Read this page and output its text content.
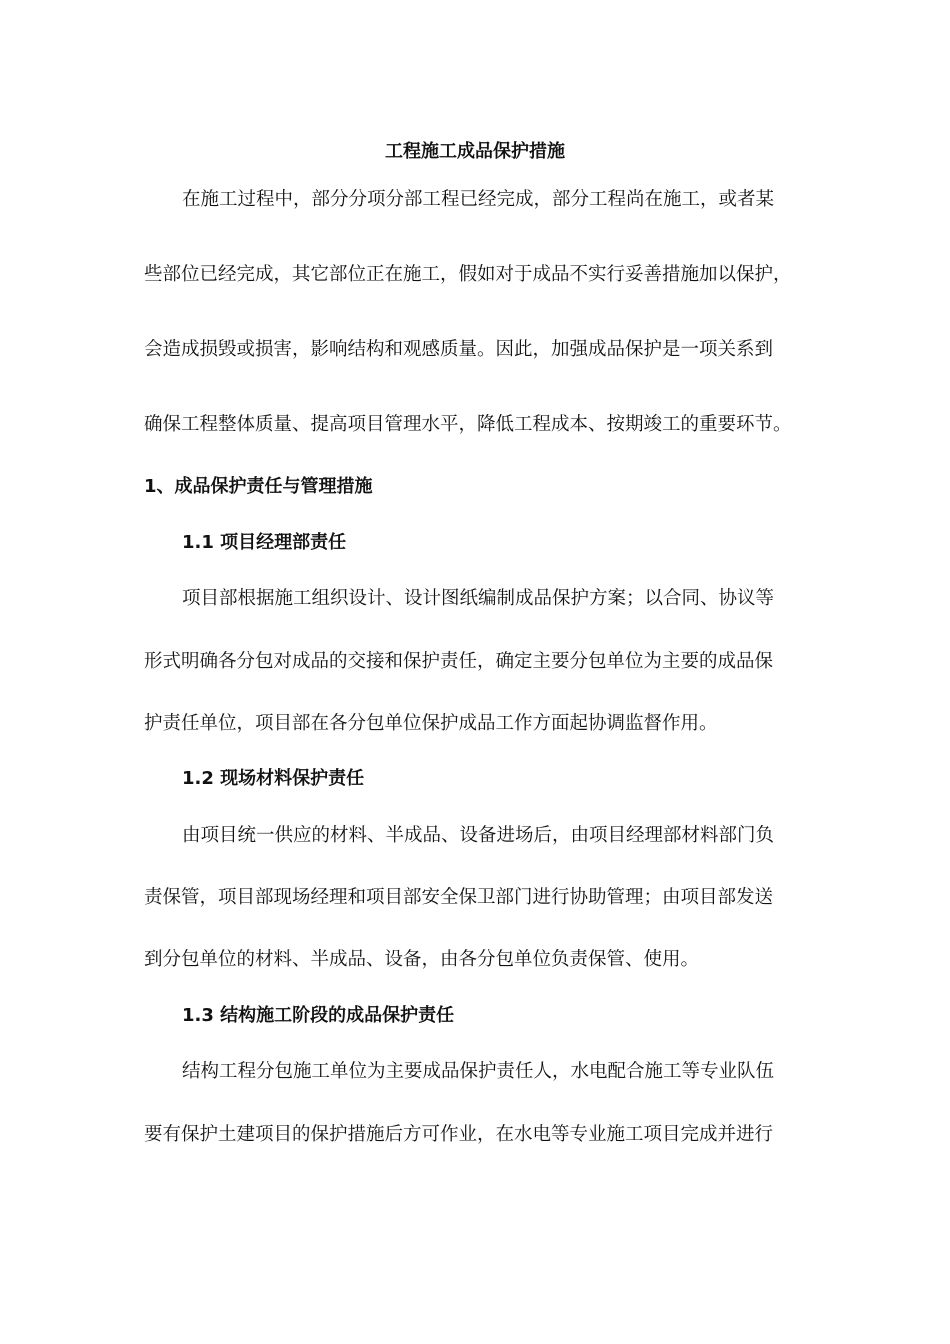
工程施工成品保护措施
在施工过程中，部分分项分部工程已经完成，部分工程尚在施工，或者某
些部位已经完成，其它部位正在施工，假如对于成品不实行妥善措施加以保护，
会造成损毁或损害，影响结构和观感质量。因此，加强成品保护是一项关系到
确保工程整体质量、提高项目管理水平，降低工程成本、按期竣工的重要环节。
1、成品保护责任与管理措施
1.1 项目经理部责任
项目部根据施工组织设计、设计图纸编制成品保护方案；以合同、协议等
形式明确各分包对成品的交接和保护责任，确定主要分包单位为主要的成品保
护责任单位，项目部在各分包单位保护成品工作方面起协调监督作用。
1.2 现场材料保护责任
由项目统一供应的材料、半成品、设备进场后，由项目经理部材料部门负
责保管，项目部现场经理和项目部安全保卫部门进行协助管理；由项目部发送
到分包单位的材料、半成品、设备，由各分包单位负责保管、使用。
1.3 结构施工阶段的成品保护责任
结构工程分包施工单位为主要成品保护责任人，水电配合施工等专业队伍
要有保护土建项目的保护措施后方可作业，在水电等专业施工项目完成并进行
